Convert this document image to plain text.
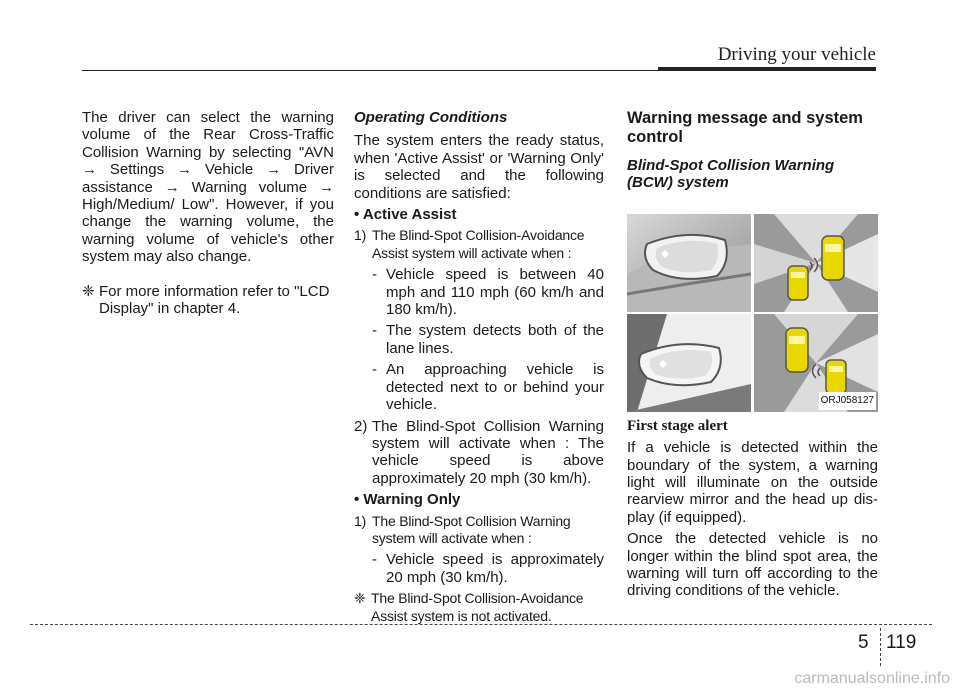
Driving your vehicle

The driver can select the warning volume of the Rear Cross-Traffic Collision Warning by selecting "AVN → Settings → Vehicle → Driver assistance → Warning volume → High/Medium/ Low". However, if you change the warning volume, the warning volume of vehicle's other system may also change.

❈ For more information refer to "LCD Display" in chapter 4.

Operating Conditions

The system enters the ready status, when 'Active Assist' or 'Warning Only' is selected and the following conditions are satisfied:

• Active Assist

1) The Blind-Spot Collision-Avoidance Assist system will activate when :
- Vehicle speed is between 40 mph and 110 mph (60 km/h and 180 km/h).
- The system detects both of the lane lines.
- An approaching vehicle is detected next to or behind your vehicle.
2) The Blind-Spot Collision Warning system will activate when : The vehicle speed is above approximately 20 mph (30 km/h).

• Warning Only

1) The Blind-Spot Collision Warning system will activate when :
- Vehicle speed is approximately 20 mph (30 km/h).
❈ The Blind-Spot Collision-Avoidance Assist system is not activated.

Warning message and system control

Blind-Spot Collision Warning (BCW) system

ORJ058127

First stage alert

If a vehicle is detected within the boundary of the system, a warning light will illuminate on the outside rearview mirror and the head up dis- play (if equipped).

Once the detected vehicle is no longer within the blind spot area, the warning will turn off according to the driving conditions of the vehicle.

5 119
carmanualsonline.info
